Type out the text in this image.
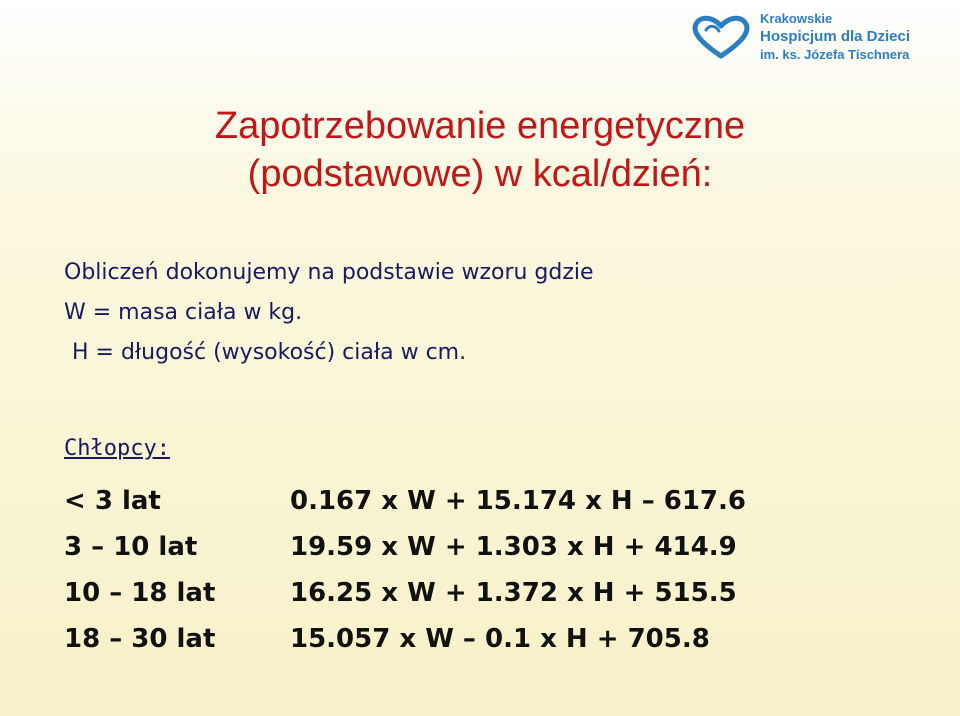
Krakowskie
Hospicjum dla Dzieci
im. ks. Józefa Tischnera
Zapotrzebowanie energetyczne
(podstawowe) w kcal/dzień:
Obliczeń dokonujemy na podstawie wzoru gdzie
W = masa ciała w kg.
H = długość (wysokość) ciała w cm.
Chłopcy:
< 3 lat	0.167 x W + 15.174 x H – 617.6
3 – 10 lat	19.59 x W + 1.303 x H + 414.9
10 – 18 lat	16.25 x W + 1.372 x H + 515.5
18 – 30 lat	15.057 x W – 0.1 x H + 705.8
